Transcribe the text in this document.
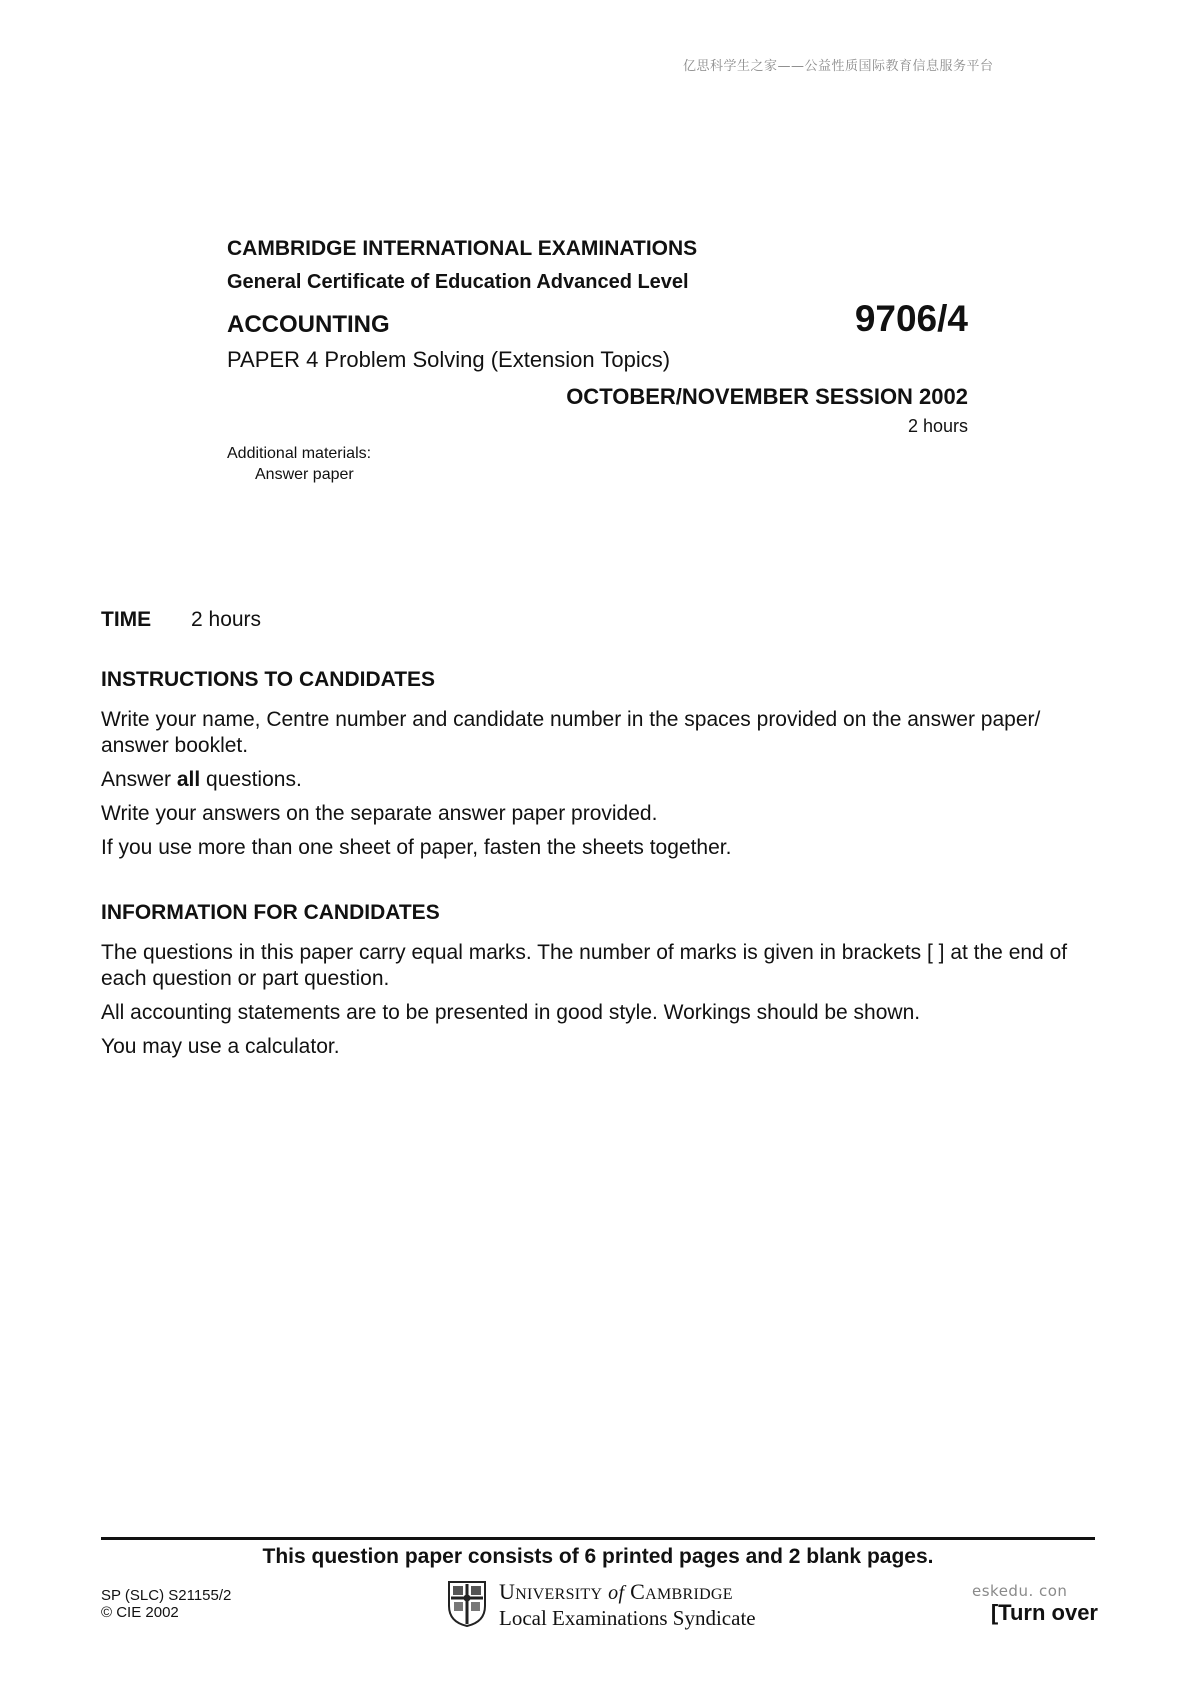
亿思科学生之家——公益性质国际教育信息服务平台
CAMBRIDGE INTERNATIONAL EXAMINATIONS
General Certificate of Education Advanced Level
ACCOUNTING	9706/4
PAPER 4 Problem Solving (Extension Topics)
OCTOBER/NOVEMBER SESSION 2002
2 hours
Additional materials:
Answer paper
TIME 2 hours
INSTRUCTIONS TO CANDIDATES
Write your name, Centre number and candidate number in the spaces provided on the answer paper/ answer booklet.
Answer all questions.
Write your answers on the separate answer paper provided.
If you use more than one sheet of paper, fasten the sheets together.
INFORMATION FOR CANDIDATES
The questions in this paper carry equal marks. The number of marks is given in brackets [ ] at the end of each question or part question.
All accounting statements are to be presented in good style. Workings should be shown.
You may use a calculator.
This question paper consists of 6 printed pages and 2 blank pages.
SP (SLC) S21155/2
© CIE 2002
UNIVERSITY of CAMBRIDGE
Local Examinations Syndicate
eskedu. con
[Turn over
